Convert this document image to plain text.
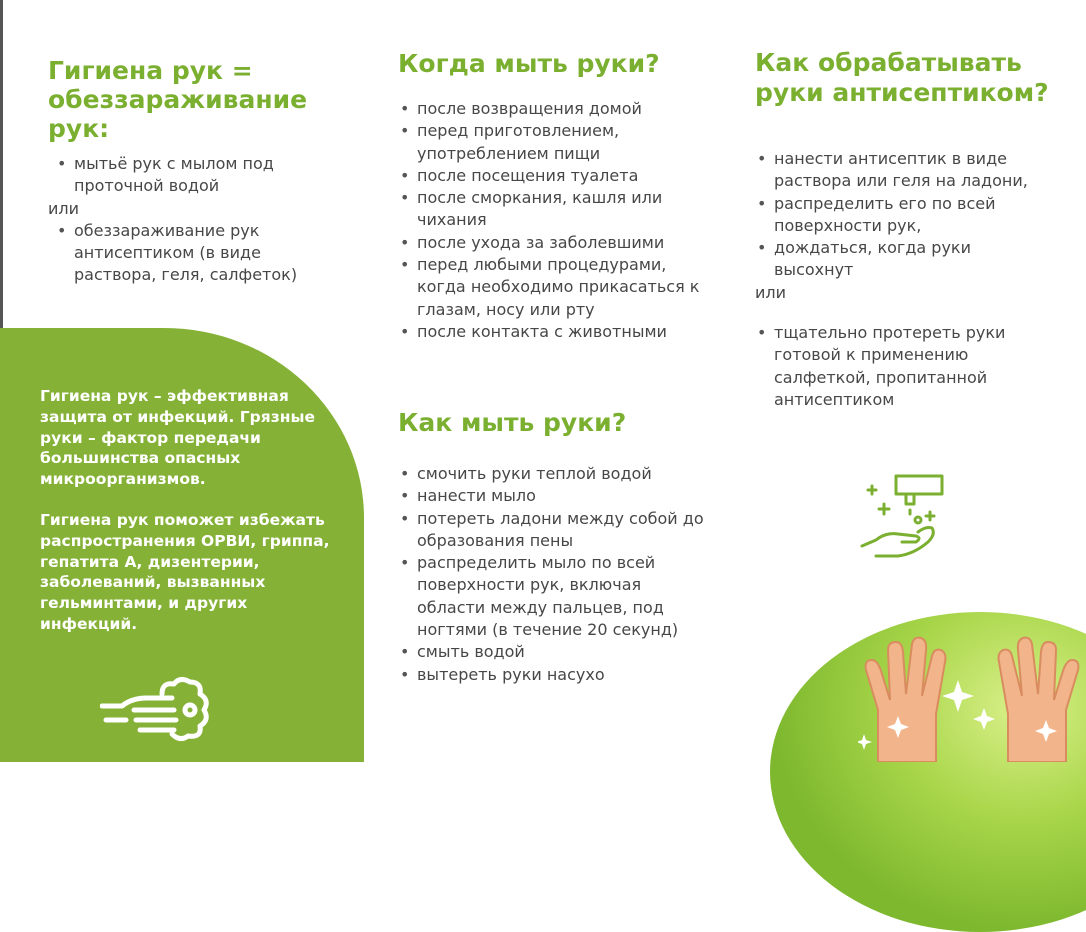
Гигиена рук = обеззараживание рук:
• мытьё рук с мылом под проточной водой
или
• обеззараживание рук антисептиком (в виде раствора, геля, салфеток)

Гигиена рук – эффективная защита от инфекций. Грязные руки – фактор передачи большинства опасных микроорганизмов.

Гигиена рук поможет избежать распространения ОРВИ, гриппа, гепатита А, дизентерии, заболеваний, вызванных гельминтами, и других инфекций.

Когда мыть руки?
• после возвращения домой
• перед приготовлением, употреблением пищи
• после посещения туалета
• после сморкания, кашля или чихания
• после ухода за заболевшими
• перед любыми процедурами, когда необходимо прикасаться к глазам, носу или рту
• после контакта с животными
Как мыть руки?
• смочить руки теплой водой
• нанести мыло
• потереть ладони между собой до образования пены
• распределить мыло по всей поверхности рук, включая области между пальцев, под ногтями (в течение 20 секунд)
• смыть водой
• вытереть руки насухо
Как обрабатывать руки антисептиком?
• нанести антисептик в виде раствора или геля на ладони,
• распределить его по всей поверхности рук,
• дождаться, когда руки высохнут
или
• тщательно протереть руки готовой к применению салфеткой, пропитанной антисептиком
